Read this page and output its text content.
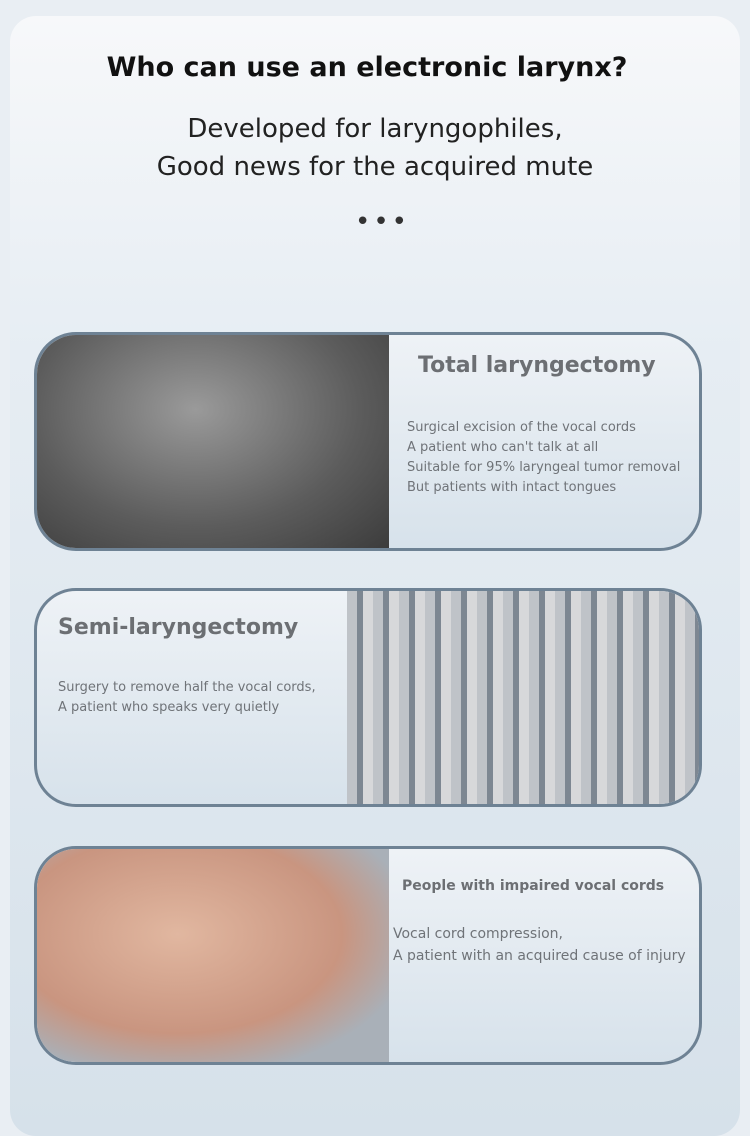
Who can use an electronic larynx?
Developed for laryngophiles,
Good news for the acquired mute
•••
Total laryngectomy
Surgical excision of the vocal cords
A patient who can't talk at all
Suitable for 95% laryngeal tumor removal
But patients with intact tongues
Semi-laryngectomy
Surgery to remove half the vocal cords,
A patient who speaks very quietly
People with impaired vocal cords
Vocal cord compression,
A patient with an acquired cause of injury
